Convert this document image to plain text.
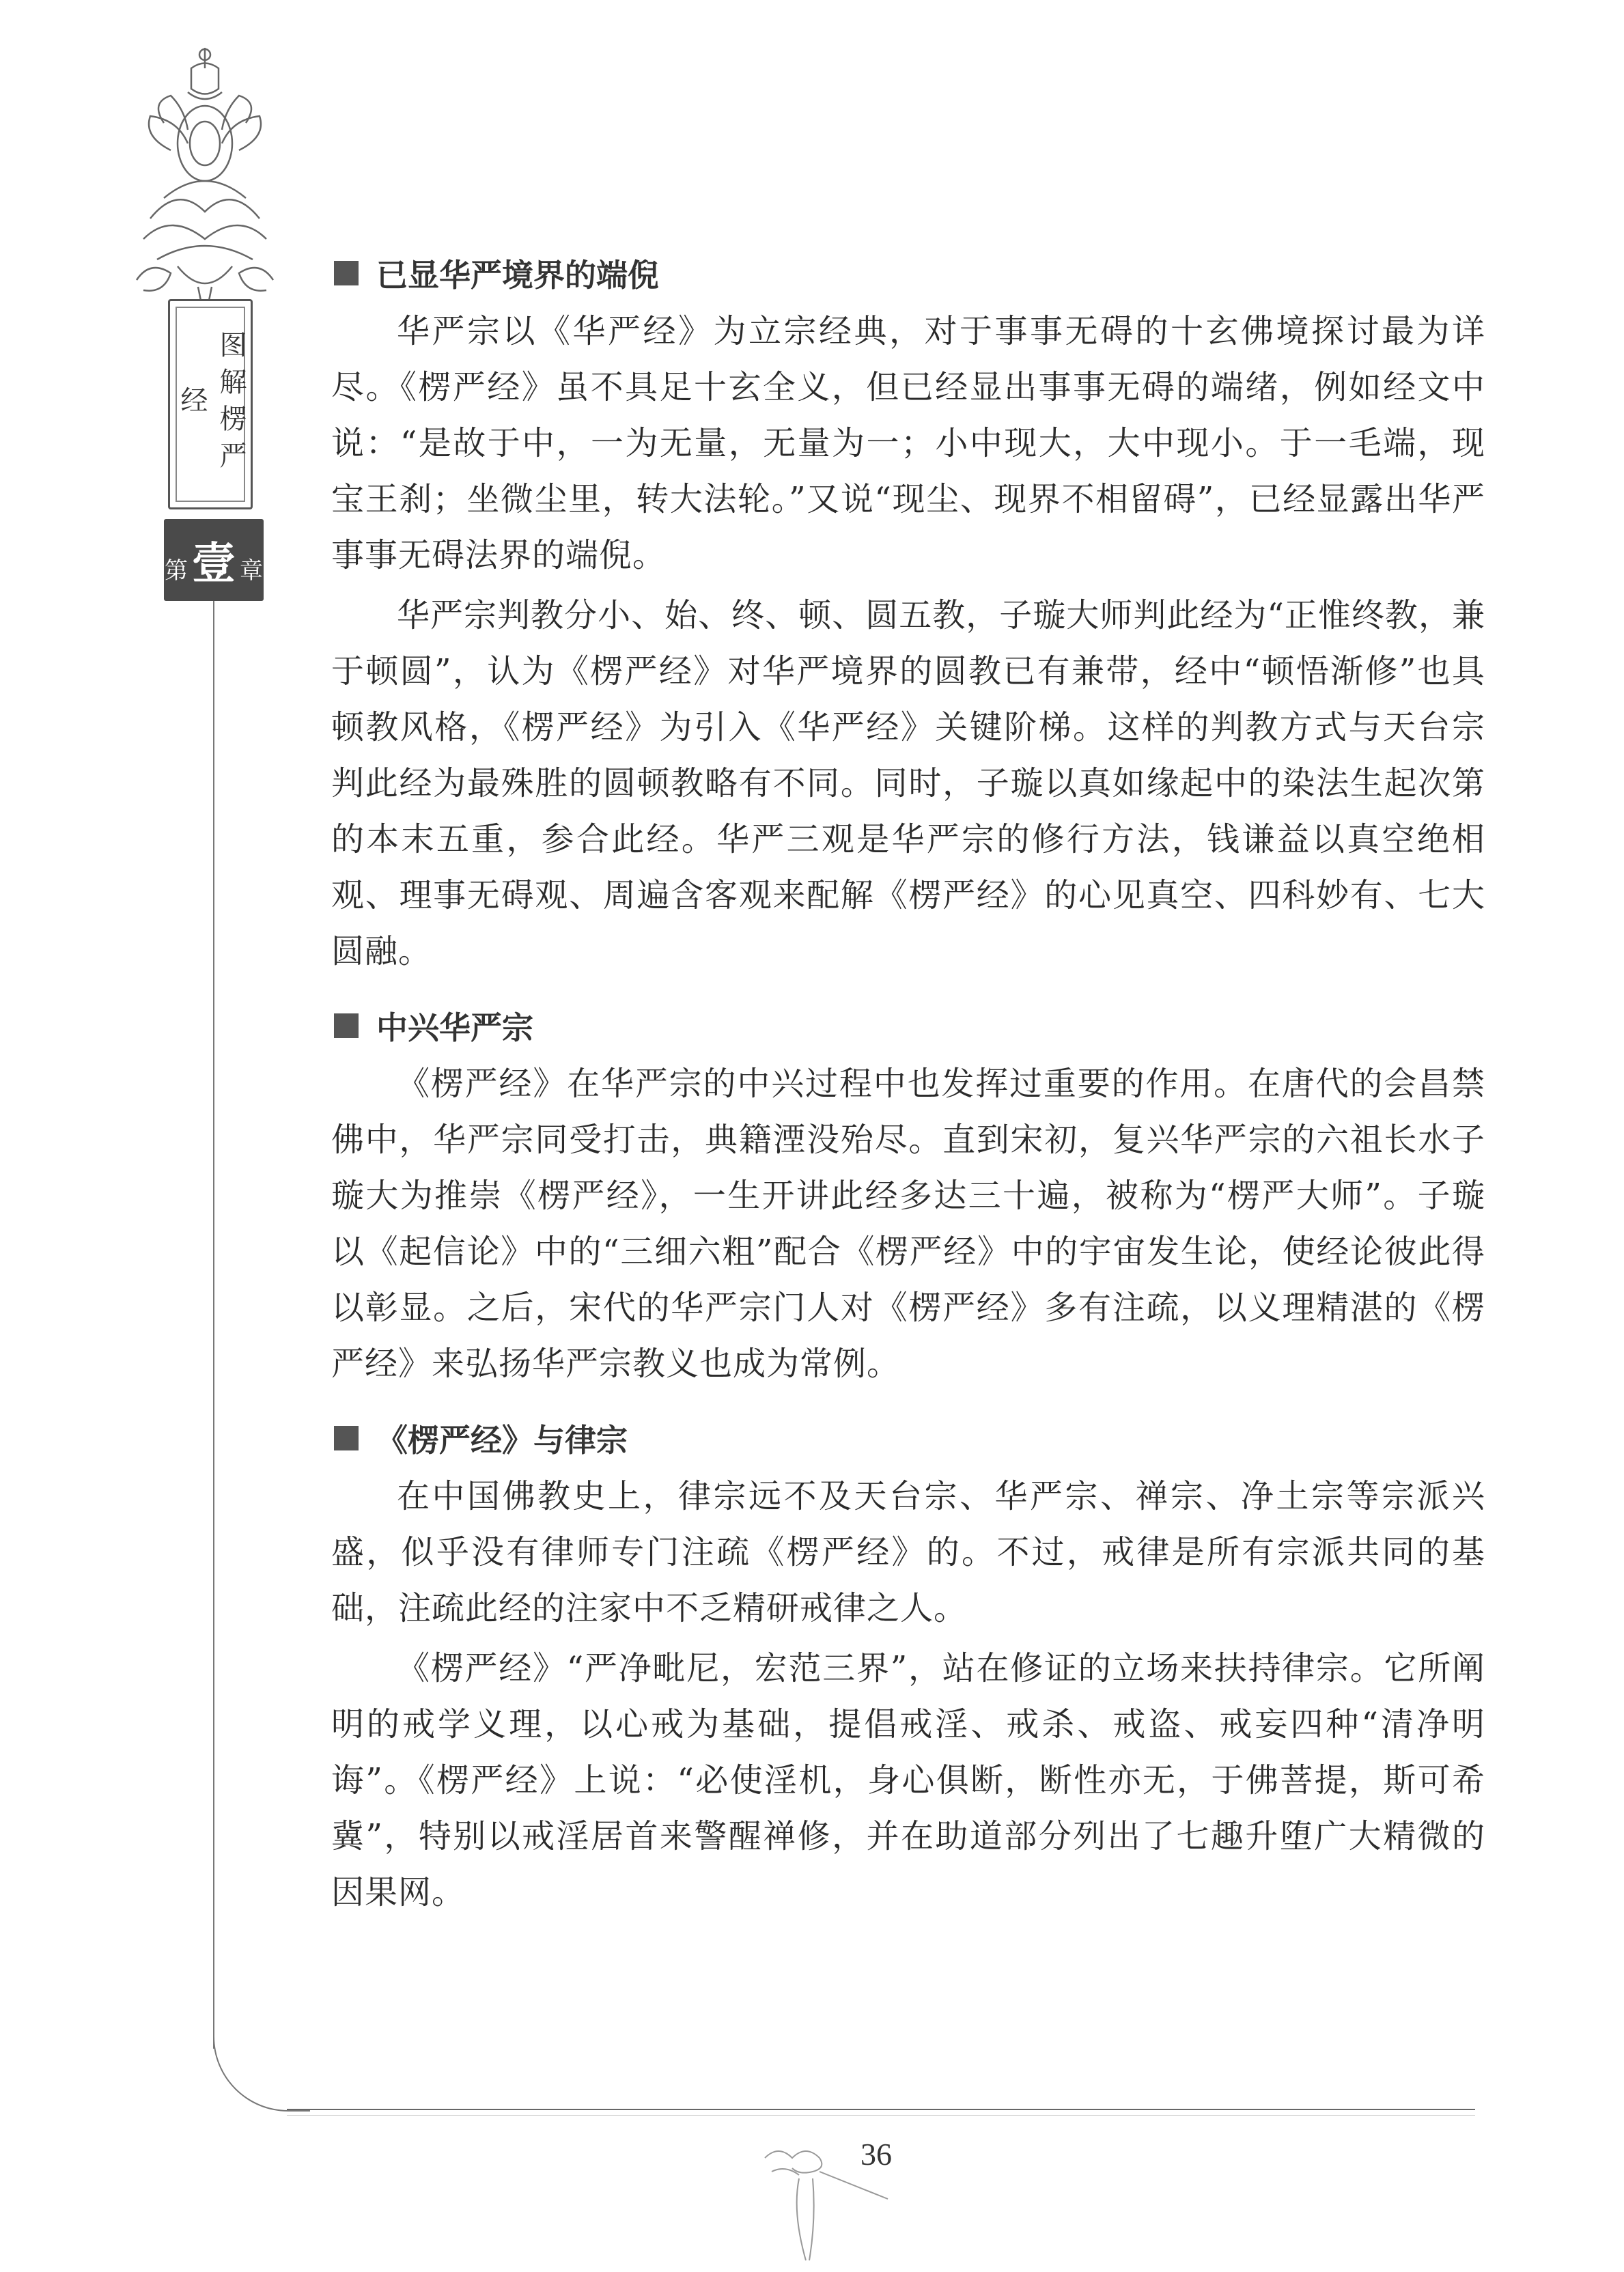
图解楞严经
第 壹 章
已显华严境界的端倪

华严宗以《华严经》为立宗经典，对于事事无碍的十玄佛境探讨最为详尽。《楞严经》虽不具足十玄全义，但已经显出事事无碍的端绪，例如经文中说：“是故于中，一为无量，无量为一；小中现大，大中现小。于一毛端，现宝王刹；坐微尘里，转大法轮。”又说“现尘、现界不相留碍”，已经显露出华严事事无碍法界的端倪。

华严宗判教分小、始、终、顿、圆五教，子璇大师判此经为“正惟终教，兼于顿圆”，认为《楞严经》对华严境界的圆教已有兼带，经中“顿悟渐修”也具顿教风格，《楞严经》为引入《华严经》关键阶梯。这样的判教方式与天台宗判此经为最殊胜的圆顿教略有不同。同时，子璇以真如缘起中的染法生起次第的本末五重，参合此经。华严三观是华严宗的修行方法，钱谦益以真空绝相观、理事无碍观、周遍含客观来配解《楞严经》的心见真空、四科妙有、七大圆融。

中兴华严宗

《楞严经》在华严宗的中兴过程中也发挥过重要的作用。在唐代的会昌禁佛中，华严宗同受打击，典籍湮没殆尽。直到宋初，复兴华严宗的六祖长水子璇大为推崇《楞严经》，一生开讲此经多达三十遍，被称为“楞严大师”。子璇以《起信论》中的“三细六粗”配合《楞严经》中的宇宙发生论，使经论彼此得以彰显。之后，宋代的华严宗门人对《楞严经》多有注疏，以义理精湛的《楞严经》来弘扬华严宗教义也成为常例。

《楞严经》与律宗

在中国佛教史上，律宗远不及天台宗、华严宗、禅宗、净土宗等宗派兴盛，似乎没有律师专门注疏《楞严经》的。不过，戒律是所有宗派共同的基础，注疏此经的注家中不乏精研戒律之人。

《楞严经》“严净毗尼，宏范三界”，站在修证的立场来扶持律宗。它所阐明的戒学义理，以心戒为基础，提倡戒淫、戒杀、戒盗、戒妄四种“清净明诲”。《楞严经》上说：“必使淫机，身心俱断，断性亦无，于佛菩提，斯可希冀”，特别以戒淫居首来警醒禅修，并在助道部分列出了七趣升堕广大精微的因果网。

36
